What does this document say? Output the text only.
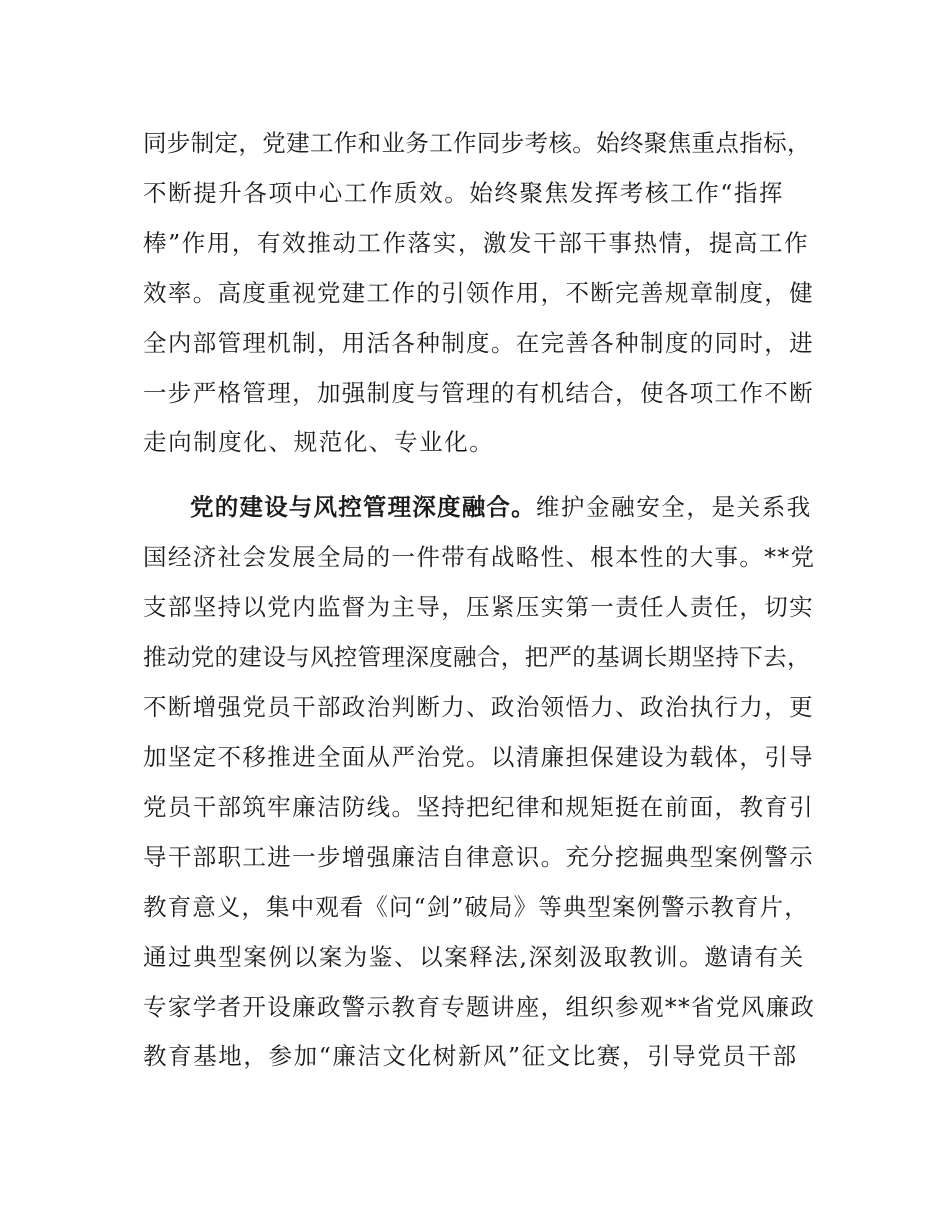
同步制定，党建工作和业务工作同步考核。始终聚焦重点指标，

不断提升各项中心工作质效。始终聚焦发挥考核工作“指挥

棒”作用，有效推动工作落实，激发干部干事热情，提高工作

效率。高度重视党建工作的引领作用，不断完善规章制度，健

全内部管理机制，用活各种制度。在完善各种制度的同时，进

一步严格管理，加强制度与管理的有机结合，使各项工作不断

走向制度化、规范化、专业化。

党的建设与风控管理深度融合。维护金融安全，是关系我

国经济社会发展全局的一件带有战略性、根本性的大事。**党

支部坚持以党内监督为主导，压紧压实第一责任人责任，切实

推动党的建设与风控管理深度融合，把严的基调长期坚持下去，

不断增强党员干部政治判断力、政治领悟力、政治执行力，更

加坚定不移推进全面从严治党。以清廉担保建设为载体，引导

党员干部筑牢廉洁防线。坚持把纪律和规矩挺在前面，教育引

导干部职工进一步增强廉洁自律意识。充分挖掘典型案例警示

教育意义，集中观看《问“剑”破局》等典型案例警示教育片，

通过典型案例以案为鉴、以案释法,深刻汲取教训。邀请有关

专家学者开设廉政警示教育专题讲座，组织参观**省党风廉政

教育基地，参加“廉洁文化树新风”征文比赛，引导党员干部
